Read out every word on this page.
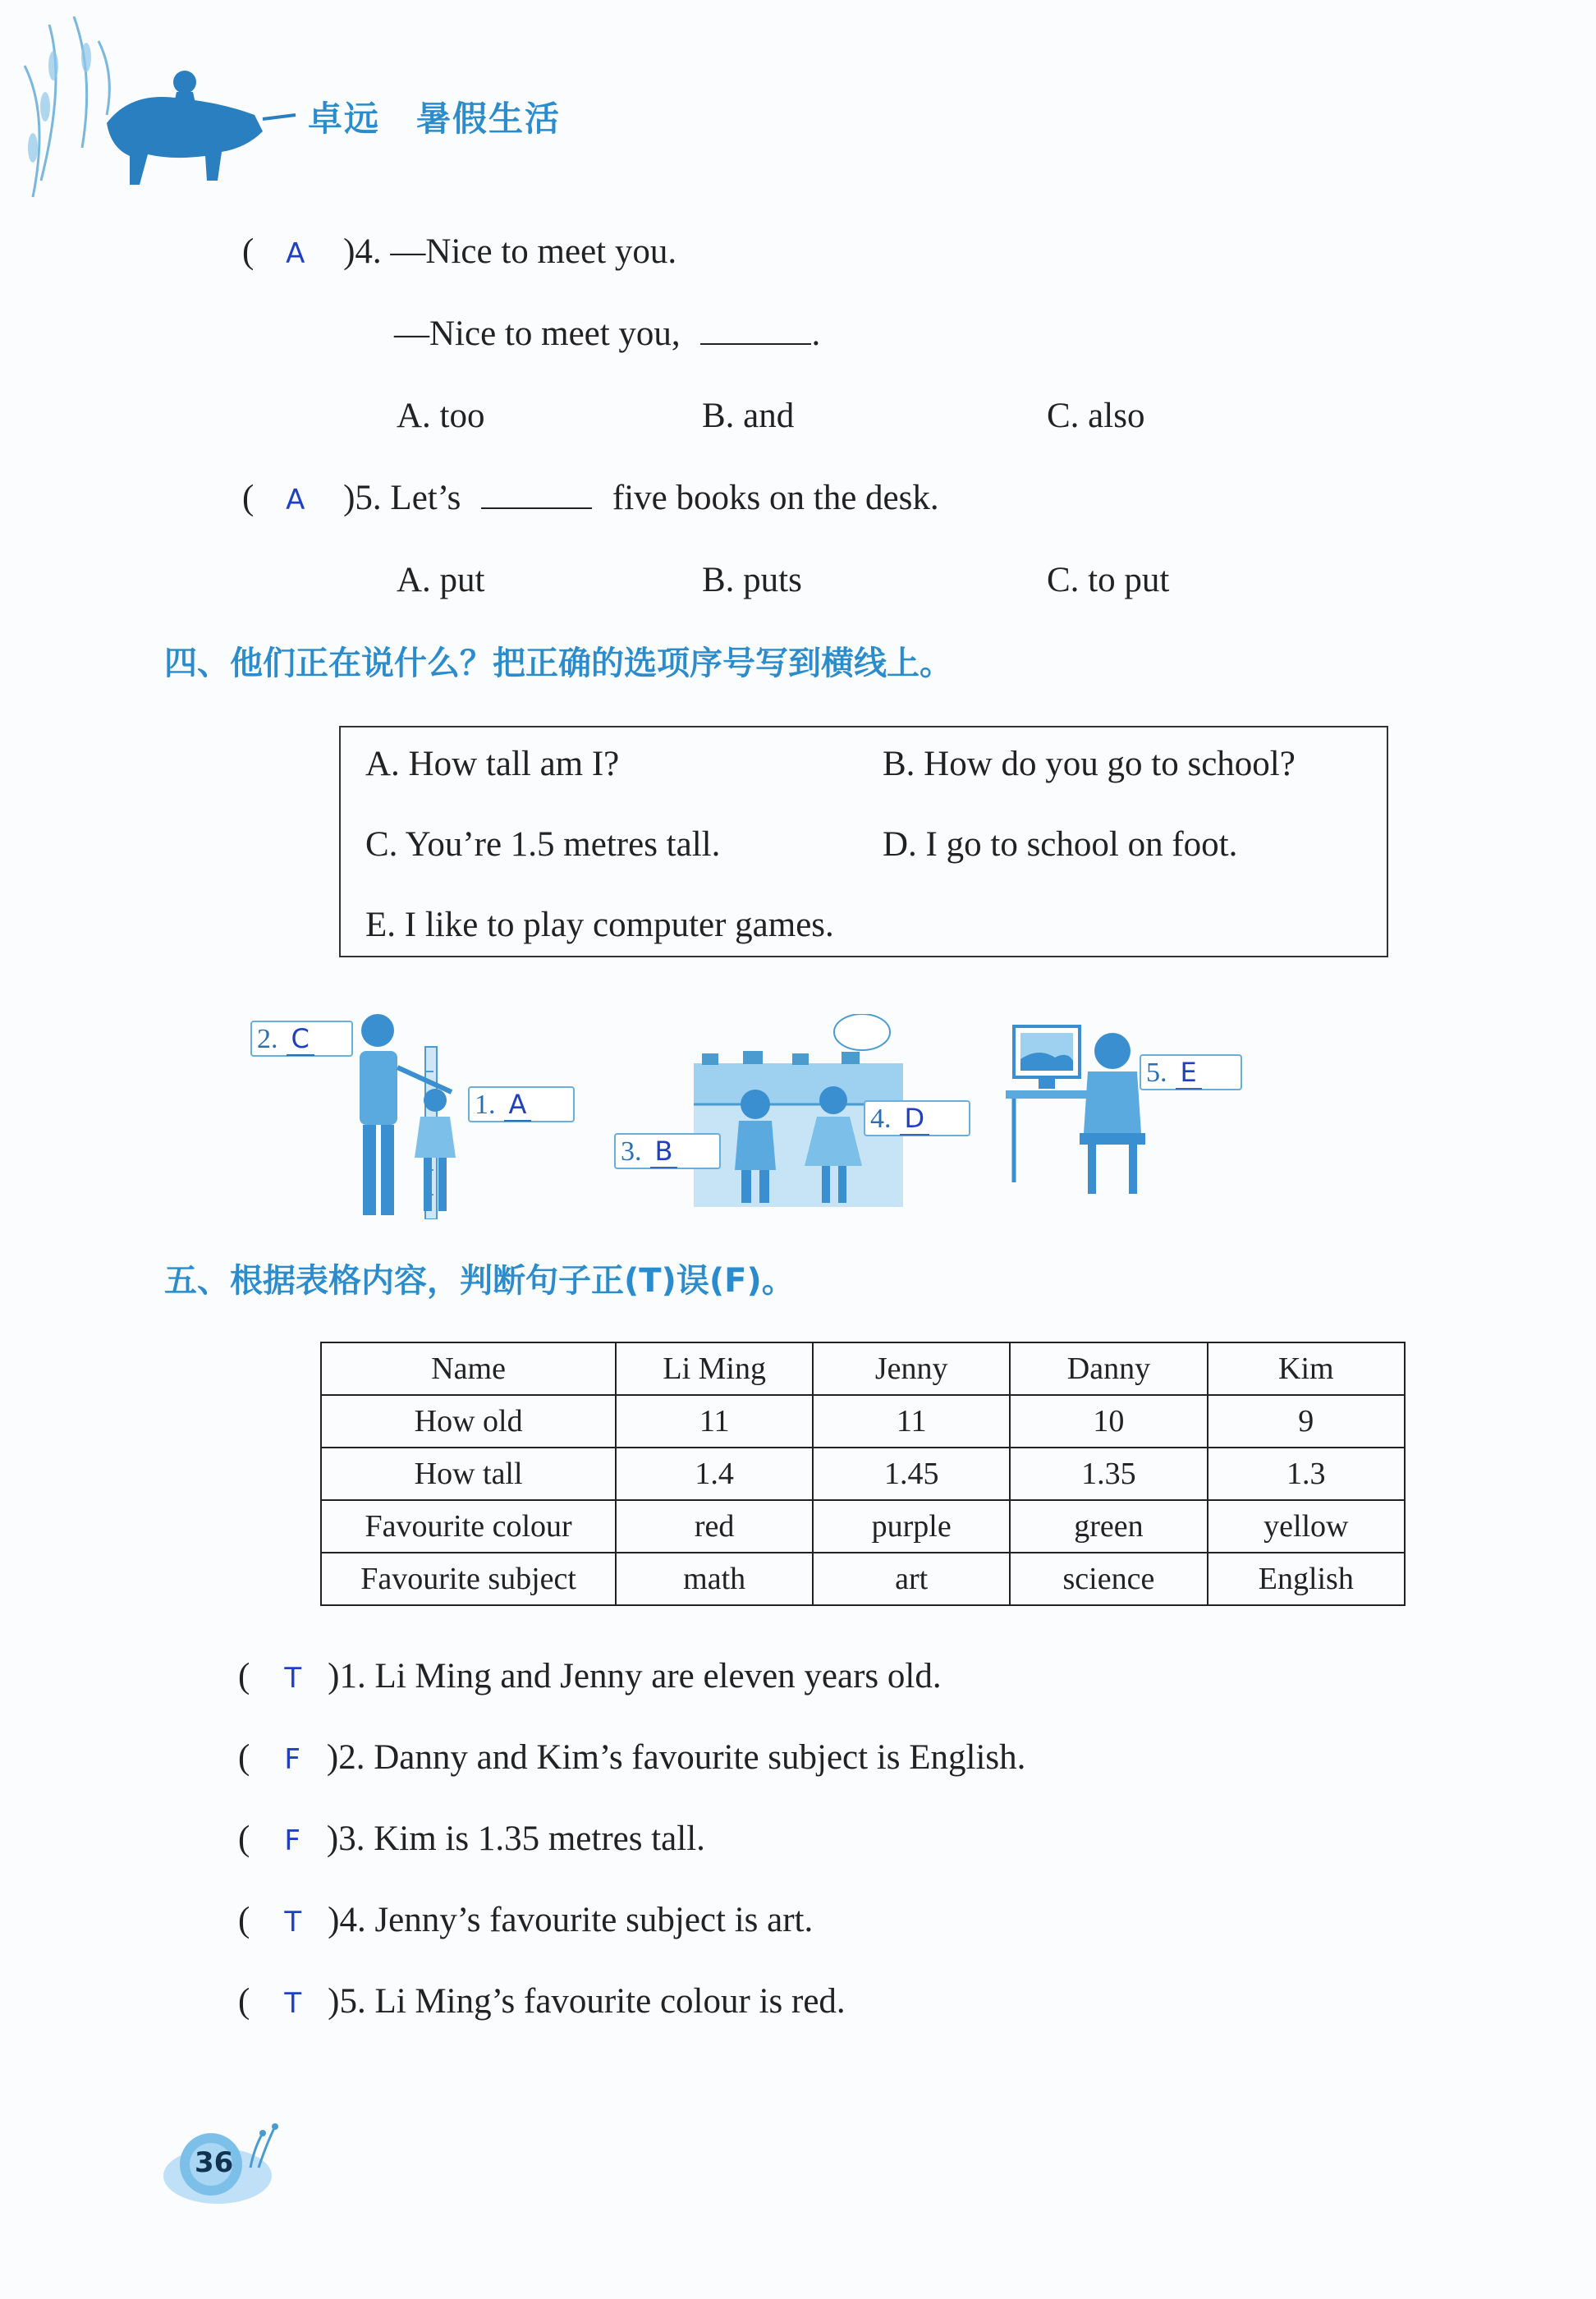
卓远　暑假生活
( A )4. —Nice to meet you.
—Nice to meet you,	.
A. too	B. and	C. also
( A )5. Let’s	five books on the desk.
A. put	B. puts	C. to put
四、他们正在说什么？把正确的选项序号写到横线上。
A. How tall am I?	B. How do you go to school?
C. You’re 1.5 metres tall.	D. I go to school on foot.
E. I like to play computer games.
2. C
1. A
3. B
4. D
5. E
五、根据表格内容，判断句子正(T)误(F)。
Name	Li Ming	Jenny	Danny	Kim
How old	11	11	10	9
How tall	1.4	1.45	1.35	1.3
Favourite colour	red	purple	green	yellow
Favourite subject	math	art	science	English
( T )1. Li Ming and Jenny are eleven years old.
( F )2. Danny and Kim’s favourite subject is English.
( F )3. Kim is 1.35 metres tall.
( T )4. Jenny’s favourite subject is art.
( T )5. Li Ming’s favourite colour is red.
36
